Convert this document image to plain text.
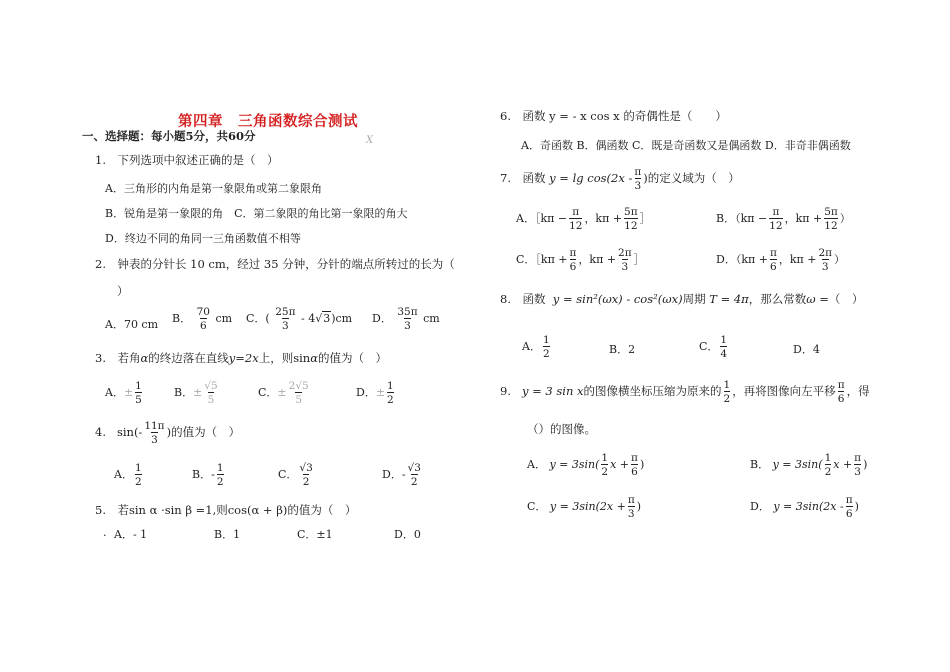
第四章　三角函数综合测试
一、选择题：每小题5分，共60分	X
1.　下列选项中叙述正确的是（　）
A．三角形的内角是第一象限角或第二象限角
B．锐角是第一象限的角　C．第二象限的角比第一象限的角大
D．终边不同的角同一三角函数值不相等
2.　钟表的分针长 10 cm，经过 35 分钟，分针的端点所转过的长为（
）
A．70 cm B． $\frac{70}{6}$ cm C．( $\frac{25\pi}{3} - 4√3)cm$ D． $\frac{35\pi}{3}$ cm
3.　若角α的终边落在直线y=2x上，则sinα的值为（　）
A．± $\frac{1}{5}$	B．± $\frac{√5}{5}$	C．± $\frac{2√5}{5}$	D．± $\frac{1}{2}$
4. $\sin(- \frac{11\pi}{3}$ )的值为（　）
A． $\frac{1}{2}$	B．- $\frac{1}{2}$	C． $\frac{√3}{2}$	D．- $\frac{√3}{2}$
5.　若sin α ·sin β =1,则cos(α + β)的值为（　）
. A．- 1	B．1	C．±1	D．0
6.　函数 y = - x cos x 的奇偶性是（　　）
A．奇函数 B．偶函数 C．既是奇函数又是偶函数 D．非奇非偶函数
7.　函数 $y = \lg \cos(2x - \frac{\pi}{3}$ )的定义域为（　）
A．［kπ − $\frac{\pi}{12}$ ，$k\pi + \frac{5\pi}{12}$ ］	B．（$k\pi - \frac{\pi}{12}$ ，$k\pi + \frac{5\pi}{12}$ ）
C．［kπ + $\frac{\pi}{6}$ ，$k\pi + \frac{2\pi}{3}$ ］	D．（$k\pi + \frac{\pi}{6}$ ，$k\pi + \frac{2\pi}{3}$ ）
8.　函数 y = sin²(ωx) - cos²(ωx)周期 T = 4π，那么常数ω =（　）
A． $\frac{1}{2}$	B．2	C． $\frac{1}{4}$	D．4
9. y = 3 sin x的图像横坐标压缩为原来的 $\frac{1}{2}$ ，再将图像向左平移 $\frac{\pi}{6}$ ，得
（）的图像。
A． $y = 3\sin( \frac{1}{2}$ $x + \frac{\pi}{6}$ )	B． $y = 3\sin( \frac{1}{2}$ $x + \frac{\pi}{3}$ )
C． $y = 3\sin(2x + \frac{\pi}{3}$ )	D． $y = 3\sin(2x - \frac{\pi}{6}$ )
